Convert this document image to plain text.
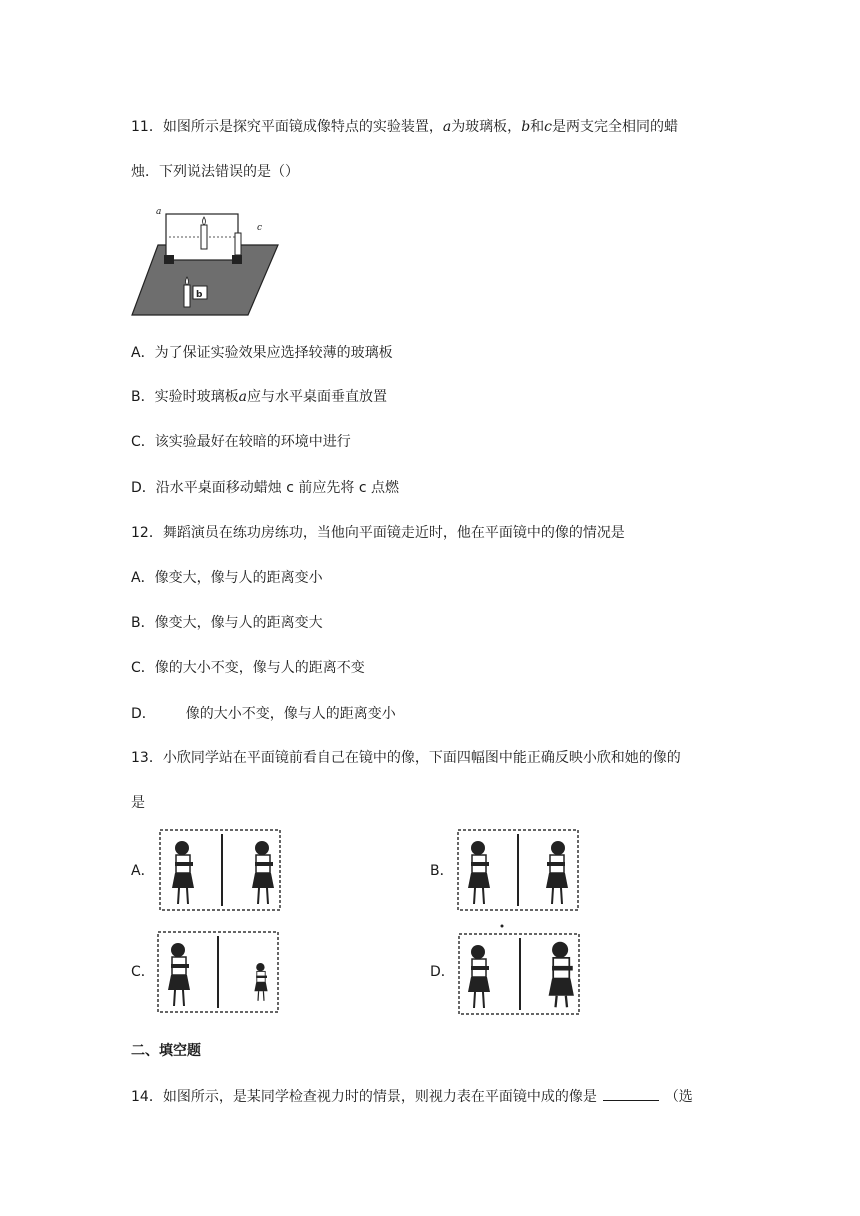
11．如图所示是探究平面镜成像特点的实验装置，a为玻璃板，b和c是两支完全相同的蜡
烛．下列说法错误的是（）
c
a
b
A．为了保证实验效果应选择较薄的玻璃板
B．实验时玻璃板a应与水平桌面垂直放置
C．该实验最好在较暗的环境中进行
D．沿水平桌面移动蜡烛 c 前应先将 c 点燃
12．舞蹈演员在练功房练功，当他向平面镜走近时，他在平面镜中的像的情况是
A．像变大，像与人的距离变小
B．像变大，像与人的距离变大
C．像的大小不变，像与人的距离不变
D． 像的大小不变，像与人的距离变小
13．小欣同学站在平面镜前看自己在镜中的像，下面四幅图中能正确反映小欣和她的像的
是
A．	B．
C．	D．
二、填空题
14．如图所示，是某同学检查视力时的情景，则视力表在平面镜中成的像是	（选
